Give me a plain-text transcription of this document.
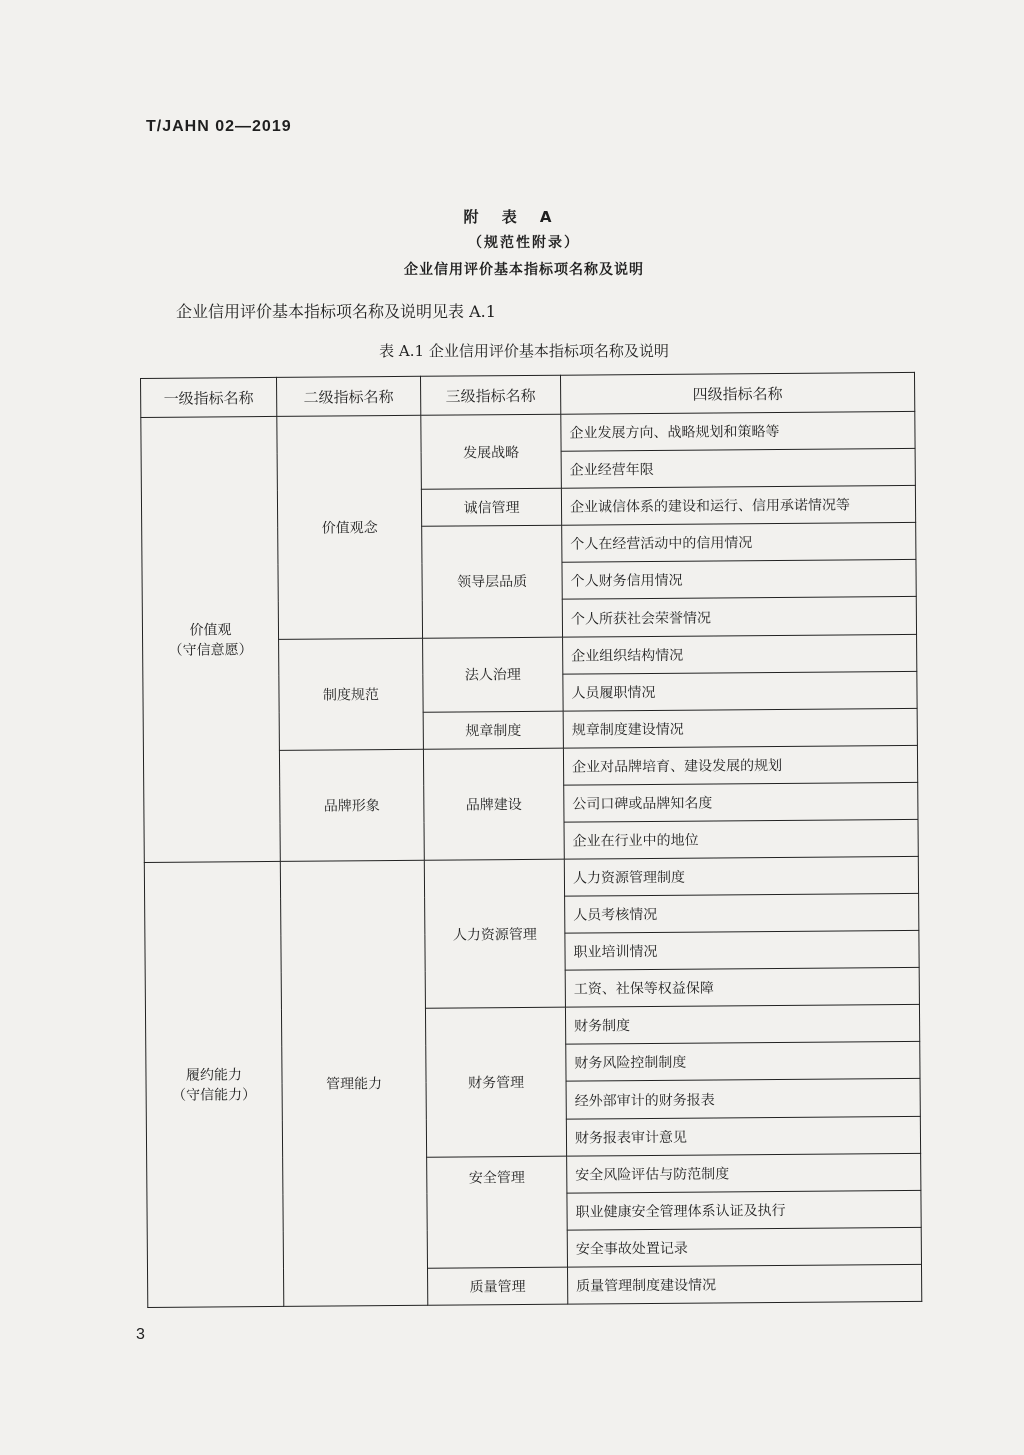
T/JAHN 02—2019
附 表 A
（规范性附录）
企业信用评价基本指标项名称及说明
企业信用评价基本指标项名称及说明见表 A.1
表 A.1 企业信用评价基本指标项名称及说明
一级指标名称	二级指标名称	三级指标名称	四级指标名称

价值观
（守信意愿）	价值观念	发展战略	企业发展方向、战略规划和策略等
			企业经营年限
		诚信管理	企业诚信体系的建设和运行、信用承诺情况等
		领导层品质	个人在经营活动中的信用情况
			个人财务信用情况
			个人所获社会荣誉情况
	制度规范	法人治理	企业组织结构情况
			人员履职情况
		规章制度	规章制度建设情况
	品牌形象	品牌建设	企业对品牌培育、建设发展的规划
			公司口碑或品牌知名度
			企业在行业中的地位

履约能力
（守信能力）	管理能力	人力资源管理	人力资源管理制度
			人员考核情况
			职业培训情况
			工资、社保等权益保障
		财务管理	财务制度
			财务风险控制制度
			经外部审计的财务报表
			财务报表审计意见
		安全管理	安全风险评估与防范制度
			职业健康安全管理体系认证及执行
			安全事故处置记录
		质量管理	质量管理制度建设情况
3
